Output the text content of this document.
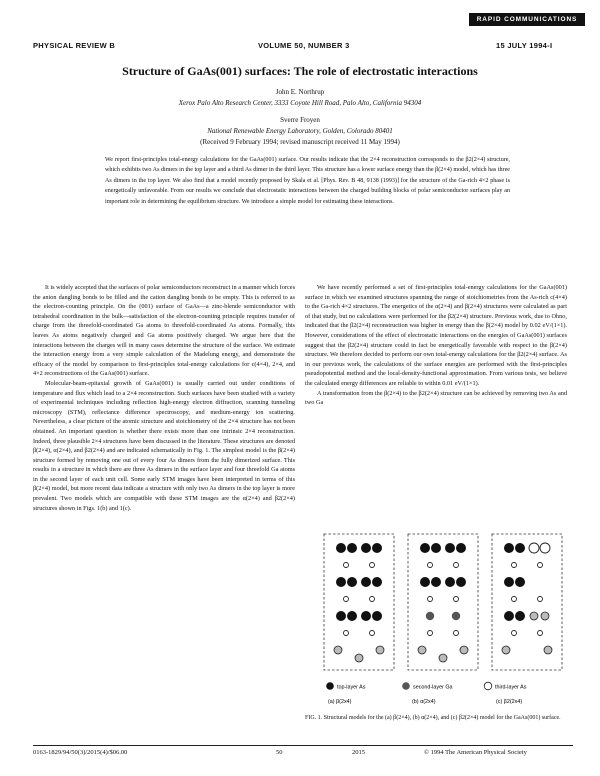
RAPID COMMUNICATIONS
PHYSICAL REVIEW B	VOLUME 50, NUMBER 3	15 JULY 1994-I
Structure of GaAs(001) surfaces: The role of electrostatic interactions
John E. Northrup
Xerox Palo Alto Research Center, 3333 Coyote Hill Road, Palo Alto, California 94304
Sverre Froyen
National Renewable Energy Laboratory, Golden, Colorado 80401
(Received 9 February 1994; revised manuscript received 11 May 1994)
We report first-principles total-energy calculations for the GaAs(001) surface. Our results indicate that the 2×4 reconstruction corresponds to the β2(2×4) structure, which exhibits two As dimers in the top layer and a third As dimer in the third layer. This structure has a lower surface energy than the β(2×4) model, which has three As dimers in the top layer. We also find that a model recently proposed by Skala et al. [Phys. Rev. B 48, 9138 (1993)] for the structure of the Ga-rich 4×2 phase is energetically unfavorable. From our results we conclude that electrostatic interactions between the charged building blocks of polar semiconductor surfaces play an important role in determining the equilibrium structure. We introduce a simple model for estimating these interactions.

It is widely accepted that the surfaces of polar semiconductors reconstruct in a manner which forces the anion dangling bonds to be filled and the cation dangling bonds to be empty. This is referred to as the electron-counting principle. On the (001) surface of GaAs—a zinc-blende semiconductor with tetrahedral coordination in the bulk—satisfaction of the electron-counting principle requires transfer of charge from the threefold-coordinated Ga atoms to threefold-coordinated As atoms. Formally, this leaves As atoms negatively charged and Ga atoms positively charged. We argue here that the interactions between the charges will in many cases determine the structure of the surface. We estimate the interaction energy from a very simple calculation of the Madelung energy, and demonstrate the efficacy of the model by comparison to first-principles total-energy calculations for c(4×4), 2×4, and 4×2 reconstructions of the GaAs(001) surface.

Molecular-beam-epitaxial growth of GaAs(001) is usually carried out under conditions of temperature and flux which lead to a 2×4 reconstruction. Such surfaces have been studied with a variety of experimental techniques including reflection high-energy electron diffraction, scanning tunneling microscopy (STM), reflectance difference spectroscopy, and medium-energy ion scattering. Nevertheless, a clear picture of the atomic structure and stoichiometry of the 2×4 structure has not been obtained. An important question is whether there exists more than one intrinsic 2×4 reconstruction. Indeed, three plausible 2×4 structures have been discussed in the literature. These structures are denoted β(2×4), α(2×4), and β2(2×4) and are indicated schematically in Fig. 1. The simplest model is the β(2×4) structure formed by removing one out of every four As dimers from the fully dimerized surface. This results in a structure in which there are three As dimers in the surface layer and four threefold Ga atoms in the second layer of each unit cell. Some early STM images have been interpreted in terms of this β(2×4) model, but more recent data indicate a structure with only two As dimers in the top layer is more prevalent. Two models which are compatible with these STM images are the α(2×4) and β2(2×4) structures shown in Figs. 1(b) and 1(c).

We have recently performed a set of first-principles total-energy calculations for the GaAs(001) surface in which we examined structures spanning the range of stoichiometries from the As-rich c(4×4) to the Ga-rich 4×2 structures. The energetics of the α(2×4) and β(2×4) structures were calculated as part of that study, but no calculations were performed for the β2(2×4) structure. Previous work, due to Ohno, indicated that the β2(2×4) reconstruction was higher in energy than the β(2×4) model by 0.02 eV/(1×1). However, considerations of the effect of electrostatic interactions on the energies of GaAs(001) surfaces suggest that the β2(2×4) structure could in fact be energetically favorable with respect to the β(2×4) structure. We therefore decided to perform our own total-energy calculations for the β2(2×4) surface. As in our previous work, the calculations of the surface energies are performed with the first-principles pseudopotential method and the local-density-functional approximation. From various tests, we believe the calculated energy differences are reliable to within 0.01 eV/(1×1).

A transformation from the β(2×4) to the β2(2×4) structure can be achieved by removing two As and two Ga

top-layer As	second-layer Ga	third-layer As
(a) β(2x4)	(b) α(2x4)	(c) β2(2x4)
FIG. 1. Structural models for the (a) β(2×4), (b) α(2×4), and (c) β2(2×4) model for the GaAs(001) surface.
0163-1829/94/50(3)/2015(4)/$06.00	50	2015	© 1994 The American Physical Society
